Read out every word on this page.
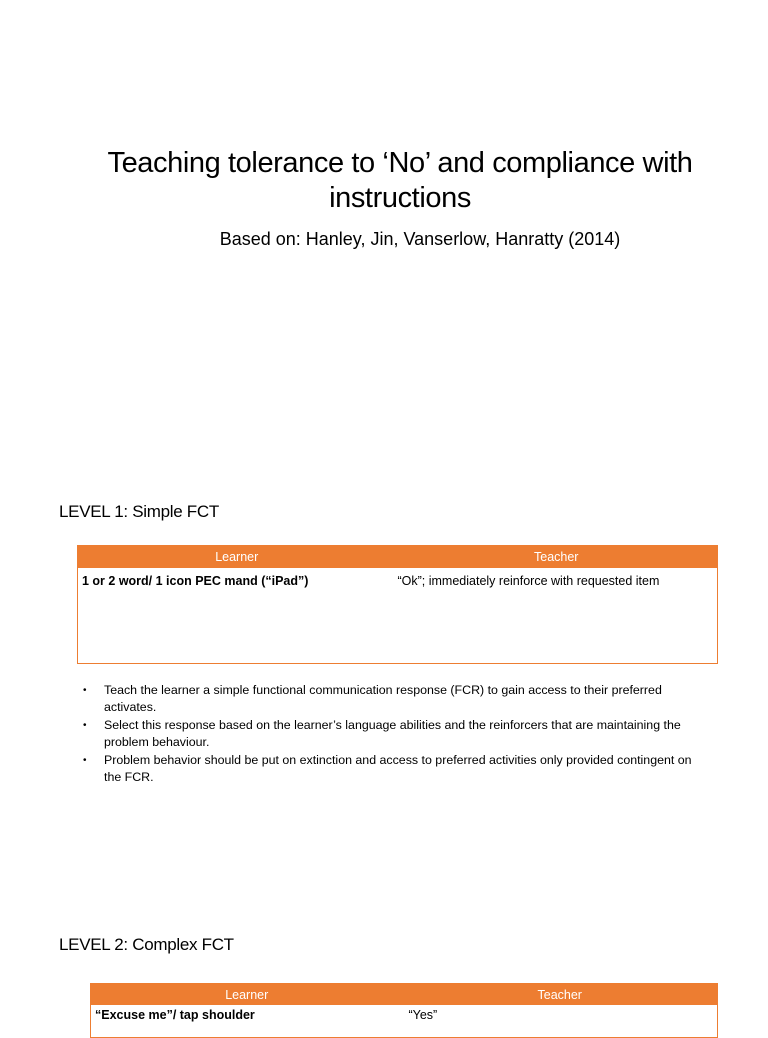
Teaching tolerance to ‘No’ and compliance with instructions
Based on: Hanley, Jin, Vanserlow, Hanratty (2014)
LEVEL 1: Simple FCT
Learner	Teacher
1 or 2 word/ 1 icon PEC mand (“iPad”)	“Ok”; immediately reinforce with requested item
• Teach the learner a simple functional communication response (FCR) to gain access to their preferred activates.
• Select this response based on the learner’s language abilities and the reinforcers that are maintaining the problem behaviour.
• Problem behavior should be put on extinction and access to preferred activities only provided contingent on the FCR.
LEVEL 2: Complex FCT
Learner	Teacher
“Excuse me”/ tap shoulder	“Yes”
